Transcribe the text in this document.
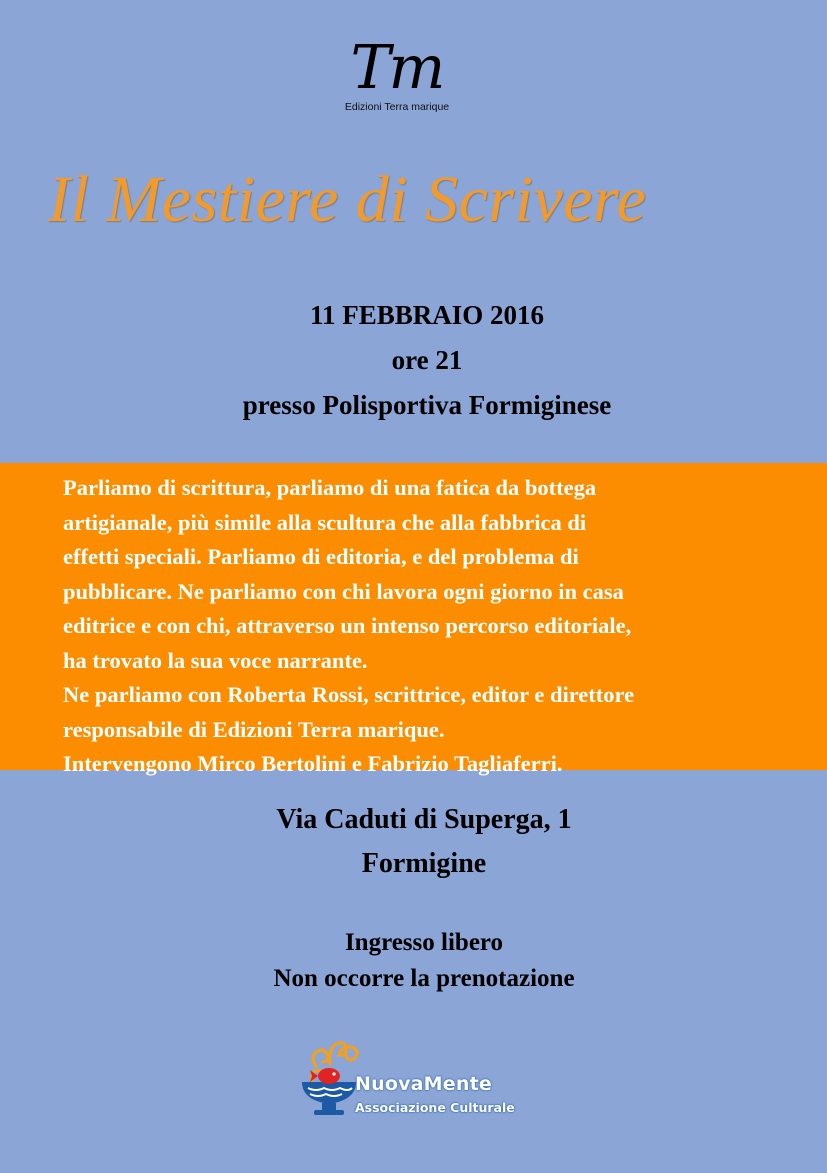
Tm
Edizioni Terra marique
Il Mestiere di Scrivere
11 FEBBRAIO 2016
ore 21
presso Polisportiva Formiginese
Parliamo di scrittura, parliamo di una fatica da bottega
artigianale, più simile alla scultura che alla fabbrica di
effetti speciali. Parliamo di editoria, e del problema di
pubblicare. Ne parliamo con chi lavora ogni giorno in casa
editrice e con chi, attraverso un intenso percorso editoriale,
ha trovato la sua voce narrante.
Ne parliamo con Roberta Rossi, scrittrice, editor e direttore
responsabile di Edizioni Terra marique.
Intervengono Mirco Bertolini e Fabrizio Tagliaferri.
Via Caduti di Superga, 1
Formigine
Ingresso libero
Non occorre la prenotazione
NuovaMente
Associazione Culturale
